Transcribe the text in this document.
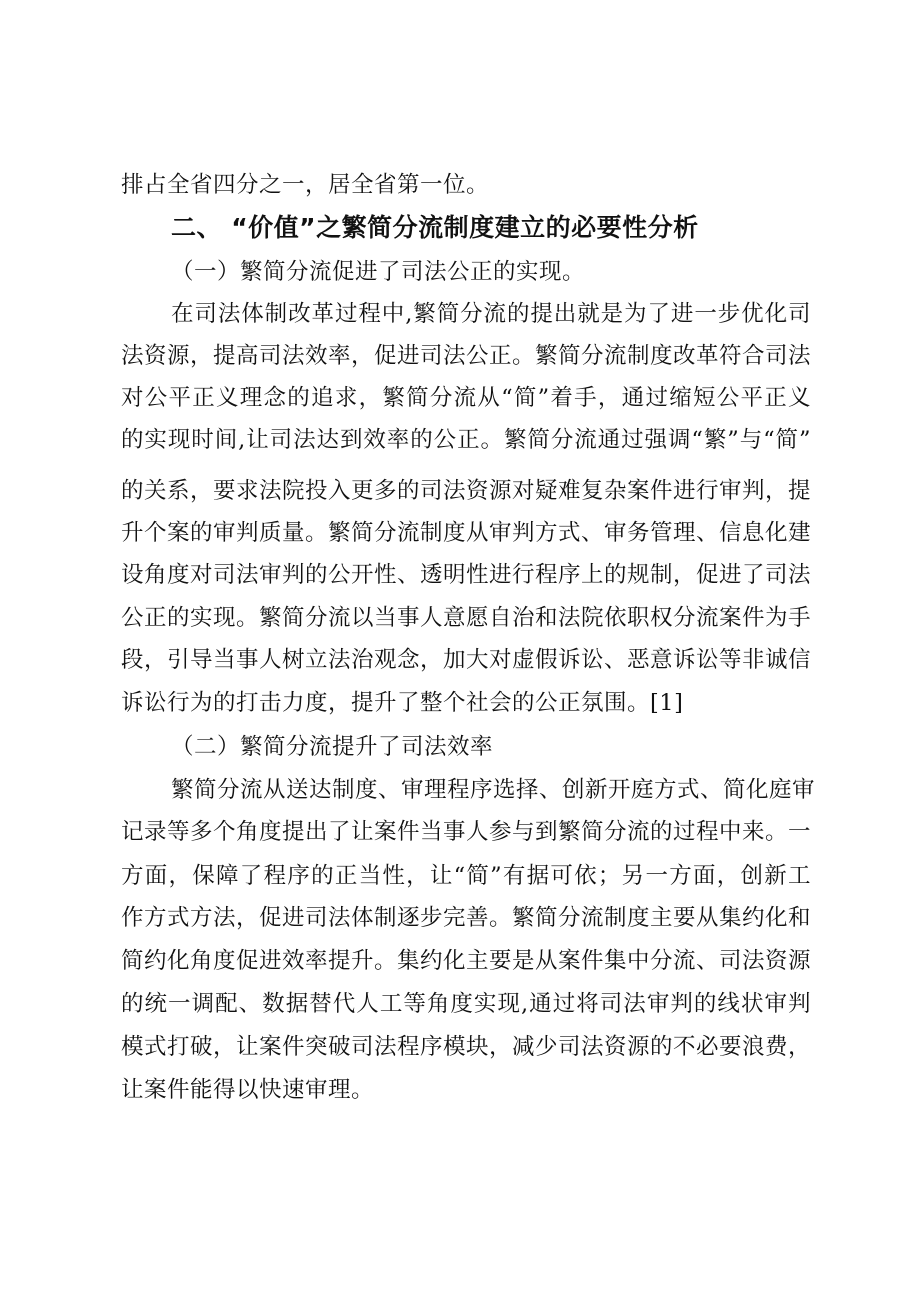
排占全省四分之一，居全省第一位。
二、 “价值”之繁简分流制度建立的必要性分析
（一）繁简分流促进了司法公正的实现。
在司法体制改革过程中,繁简分流的提出就是为了进一步优化司
法资源，提高司法效率，促进司法公正。繁简分流制度改革符合司法
对公平正义理念的追求，繁简分流从“简”着手，通过缩短公平正义
的实现时间,让司法达到效率的公正。繁简分流通过强调“繁”与“简”
的关系，要求法院投入更多的司法资源对疑难复杂案件进行审判，提
升个案的审判质量。繁简分流制度从审判方式、审务管理、信息化建
设角度对司法审判的公开性、透明性进行程序上的规制，促进了司法
公正的实现。繁简分流以当事人意愿自治和法院依职权分流案件为手
段，引导当事人树立法治观念，加大对虚假诉讼、恶意诉讼等非诚信
诉讼行为的打击力度，提升了整个社会的公正氛围。[1]
（二）繁简分流提升了司法效率
繁简分流从送达制度、审理程序选择、创新开庭方式、简化庭审
记录等多个角度提出了让案件当事人参与到繁简分流的过程中来。一
方面，保障了程序的正当性，让“简”有据可依；另一方面，创新工
作方式方法，促进司法体制逐步完善。繁简分流制度主要从集约化和
简约化角度促进效率提升。集约化主要是从案件集中分流、司法资源
的统一调配、数据替代人工等角度实现,通过将司法审判的线状审判
模式打破，让案件突破司法程序模块，减少司法资源的不必要浪费，
让案件能得以快速审理。
